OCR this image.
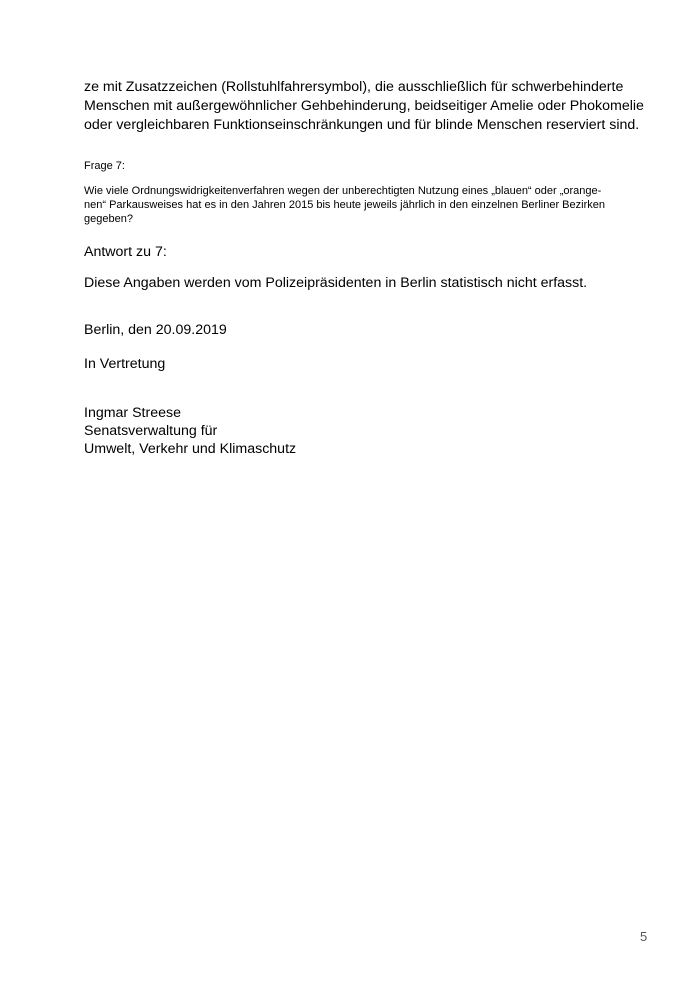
ze mit Zusatzzeichen (Rollstuhlfahrersymbol), die ausschließlich für schwerbehinderte
Menschen mit außergewöhnlicher Gehbehinderung, beidseitiger Amelie oder Phokomelie
oder vergleichbaren Funktionseinschränkungen und für blinde Menschen reserviert sind.

Frage 7:

Wie viele Ordnungswidrigkeitenverfahren wegen der unberechtigten Nutzung eines „blauen“ oder „orange-
nen“ Parkausweises hat es in den Jahren 2015 bis heute jeweils jährlich in den einzelnen Berliner Bezirken
gegeben?

Antwort zu 7:

Diese Angaben werden vom Polizeipräsidenten in Berlin statistisch nicht erfasst.

Berlin, den 20.09.2019

In Vertretung

Ingmar Streese
Senatsverwaltung für
Umwelt, Verkehr und Klimaschutz

5
